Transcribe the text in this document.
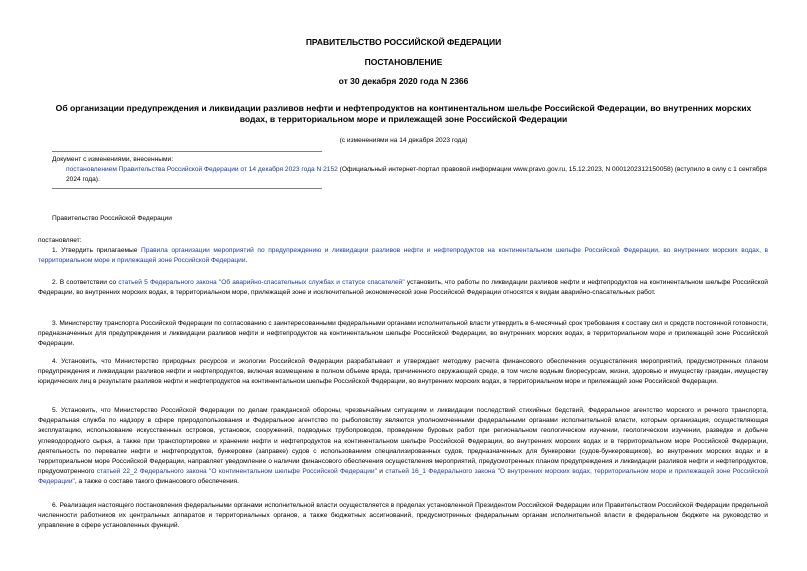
ПРАВИТЕЛЬСТВО РОССИЙСКОЙ ФЕДЕРАЦИИ
ПОСТАНОВЛЕНИЕ
от 30 декабря 2020 года N 2366
Об организации предупреждения и ликвидации разливов нефти и нефтепродуктов на континентальном шельфе Российской Федерации, во внутренних морских водах, в территориальном море и прилежащей зоне Российской Федерации
(с изменениями на 14 декабря 2023 года)
Документ с изменениями, внесенными:
постановлением Правительства Российской Федерации от 14 декабря 2023 года N 2152 (Официальный интернет-портал правовой информации www.pravo.gov.ru, 15.12.2023, N 0001202312150058) (вступило в силу с 1 сентября 2024 года).
Правительство Российской Федерации
постановляет:
1. Утвердить прилагаемые Правила организации мероприятий по предупреждению и ликвидации разливов нефти и нефтепродуктов на континентальном шельфе Российской Федерации, во внутренних морских водах, в территориальном море и прилежащей зоне Российской Федерации.
2. В соответствии со статьей 5 Федерального закона "Об аварийно-спасательных службах и статусе спасателей" установить, что работы по ликвидации разливов нефти и нефтепродуктов на континентальном шельфе Российской Федерации, во внутренних морских водах, в территориальном море, прилежащей зоне и исключительной экономической зоне Российской Федерации относятся к видам аварийно-спасательных работ.
3. Министерству транспорта Российской Федерации по согласованию с заинтересованными федеральными органами исполнительной власти утвердить в 6-месячный срок требования к составу сил и средств постоянной готовности, предназначенных для предупреждения и ликвидации разливов нефти и нефтепродуктов на континентальном шельфе Российской Федерации, во внутренних морских водах, в территориальном море и прилежащей зоне Российской Федерации.
4. Установить, что Министерство природных ресурсов и экологии Российской Федерации разрабатывает и утверждает методику расчета финансового обеспечения осуществления мероприятий, предусмотренных планом предупреждения и ликвидации разливов нефти и нефтепродуктов, включая возмещение в полном объеме вреда, причиненного окружающей среде, в том числе водным биоресурсам, жизни, здоровью и имуществу граждан, имуществу юридических лиц в результате разливов нефти и нефтепродуктов на континентальном шельфе Российской Федерации, во внутренних морских водах, в территориальном море и прилежащей зоне Российской Федерации.
5. Установить, что Министерство Российской Федерации по делам гражданской обороны, чрезвычайным ситуациям и ликвидации последствий стихийных бедствий, Федеральное агентство морского и речного транспорта, Федеральная служба по надзору в сфере природопользования и Федеральное агентство по рыболовству являются уполномоченными федеральными органами исполнительной власти, которым организация, осуществляющая эксплуатацию, использование искусственных островов, установок, сооружений, подводных трубопроводов, проведение буровых работ при региональном геологическом изучении, геологическом изучении, разведке и добыче углеводородного сырья, а также при транспортировке и хранении нефти и нефтепродуктов на континентальном шельфе Российской Федерации, во внутренних морских водах и в территориальном море Российской Федерации, деятельность по перевалке нефти и нефтепродуктов, бункеровке (заправке) судов с использованием специализированных судов, предназначенных для бункеровки (судов-бункеровщиков), во внутренних морских водах и в территориальном море Российской Федерации, направляет уведомление о наличии финансового обеспечения осуществления мероприятий, предусмотренных планом предупреждения и ликвидации разливов нефти и нефтепродуктов, предусмотренного статьей 22_2 Федерального закона "О континентальном шельфе Российской Федерации" и статьей 16_1 Федерального закона "О внутренних морских водах, территориальном море и прилежащей зоне Российской Федерации", а также о составе такого финансового обеспечения.
6. Реализация настоящего постановления федеральными органами исполнительной власти осуществляется в пределах установленной Президентом Российской Федерации или Правительством Российской Федерации предельной численности работников их центральных аппаратов и территориальных органов, а также бюджетных ассигнований, предусмотренных федеральным органам исполнительной власти в федеральном бюджете на руководство и управление в сфере установленных функций.
